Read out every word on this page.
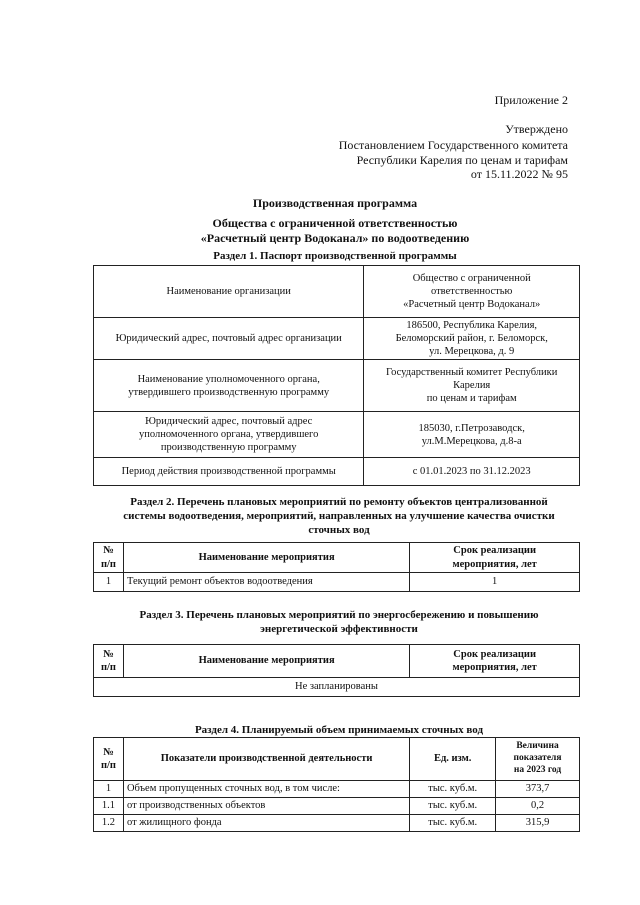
Приложение 2
Утверждено
Постановлением Государственного комитета
Республики Карелия по ценам и тарифам
от 15.11.2022 № 95
Производственная программа
Общества с ограниченной ответственностью
«Расчетный центр Водоканал» по водоотведению
Раздел 1. Паспорт производственной программы
Наименование организации	Общество с ограниченной
ответственностью
«Расчетный центр Водоканал»
Юридический адрес, почтовый адрес организации	186500, Республика Карелия,
Беломорский район, г. Беломорск,
ул. Мерецкова, д. 9
Наименование уполномоченного органа,
утвердившего производственную программу	Государственный комитет Республики
Карелия
по ценам и тарифам
Юридический адрес, почтовый адрес
уполномоченного органа, утвердившего
производственную программу	185030, г.Петрозаводск,
ул.М.Мерецкова, д.8-а
Период действия производственной программы	с 01.01.2023 по 31.12.2023
Раздел 2. Перечень плановых мероприятий по ремонту объектов централизованной
системы водоотведения, мероприятий, направленных на улучшение качества очистки
сточных вод
№
п/п	Наименование мероприятия	Срок реализации
мероприятия, лет
1	Текущий ремонт объектов водоотведения	1
Раздел 3. Перечень плановых мероприятий по энергосбережению и повышению
энергетической эффективности
№
п/п	Наименование мероприятия	Срок реализации
мероприятия, лет
Не запланированы
Раздел 4. Планируемый объем принимаемых сточных вод
№
п/п	Показатели производственной деятельности	Ед. изм.	Величина
показателя
на 2023 год
1	Объем пропущенных сточных вод, в том числе:	тыс. куб.м.	373,7
1.1	от производственных объектов	тыс. куб.м.	0,2
1.2	от жилищного фонда	тыс. куб.м.	315,9
